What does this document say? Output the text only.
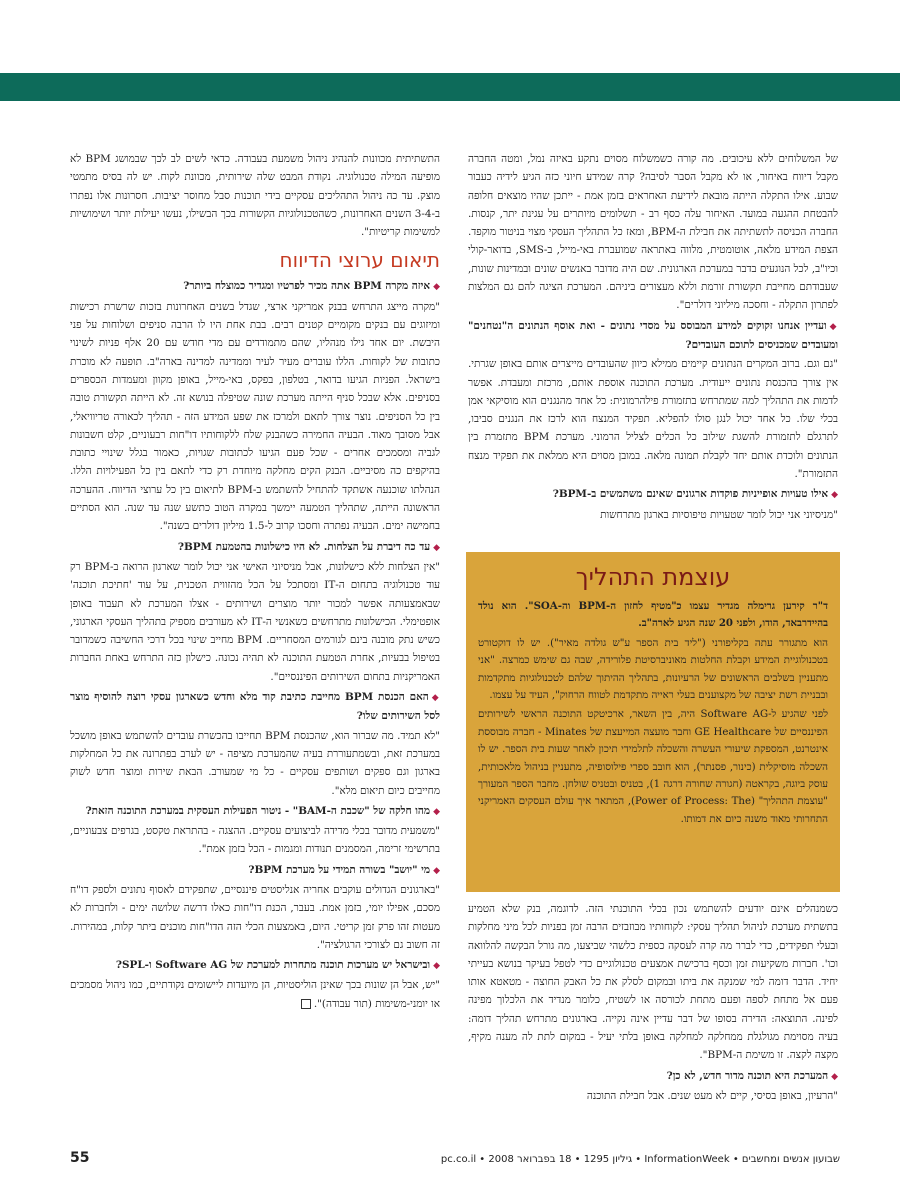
של המשלוחים ללא עיכובים. מה קורה כשמשלוח מסוים נתקע באיזה נמל, ומטה החברה מקבל דיווח באיחור, או לא מקבל הסבר לסיבה? קרה שמידע חיוני כזה הגיע לידיה כעבור שבוע. אילו התקלה הייתה מובאת לידיעת האחראים בזמן אמת - ייתכן שהיו מוצאים חלופה להבטחת ההגעה במועד. האיחור עלה כסף רב - תשלומים מיותרים על עגינת יתר, קנסות. החברה הכניסה לתשתיתה את חבילת ה-BPM, ומאז כל התהליך העסקי מצוי בניטור מוקפד. הצפת המידע מלאה, אוטומטית, מלווה באתראה שמועברת באי-מייל, ב-SMS, בדואר-קולי וכיו"ב, לכל הנוגעים בדבר במערכת הארגונית. שם היה מדובר באנשים שונים ובמדינות שונות, שעבודתם מחייבת תקשורת זורמת וללא מעצורים ביניהם. המערכת הציגה להם גם המלצות לפתרון התקלה - וחסכה מיליוני דולרים".

◆ועדיין אנחנו זקוקים למידע המבוסס על מסדי נתונים - ואת אוסף הנתונים ה"נטחנים" ומעובדים שמכניסים לתוכם העובדים?

"גם וגם. ברוב המקרים הנתונים קיימים ממילא כיוון שהעובדים מייצרים אותם באופן שגרתי. אין צורך בהכנסת נתונים ייעודית. מערכת התוכנה אוספת אותם, מרכזת ומעבדת. אפשר לדמות את התהליך למה שמתרחש בתזמורת פילהרמונית: כל אחד מהנגנים הוא מוסיקאי אמן בכלי שלו. כל אחד יכול לנגן סולו להפליא. תפקיד המנצח הוא לרכז את הנגנים סביבו, לתרגלם לתזמורת להשגת שילוב כל הכלים לצליל הרמוני. מערכת BPM מתזמרת בין הנתונים ולוכדת אותם יחד לקבלת תמונה מלאה. במובן מסוים היא ממלאת את תפקיד מנצח התזמורת".

◆אילו טעויות אופייניות פוקדות ארגונים שאינם משתמשים ב-BPM?

"מניסיוני אני יכול לומר שטעויות טיפוסיות בארגון מתרחשות

עוצמת התהליך

ד"ר קירען גרימלה מגדיר עצמו כ"מטיף לחזון ה-BPM וה-SOA". הוא נולד בהיידרבאד, הודו, ולפני 20 שנה הגיע לארה"ב.

הוא מתגורר עתה בקליפורני ("ליד בית הספר ע"ש גולדה מאיר"). יש לו דוקטורט בטכנולוגיית המידע וקבלת החלטות מאוניברסיטת פלורידה, שבה גם שימש כמרצה. "אני מתעניין בשלבים הראשונים של הרעיונות, בתהליך ההיתוך שלהם לטכנולוגיות מתקדמות ובבניית רשת יציבה של מקצוענים בעלי ראייה מתקדמת לטווח הרחוק", העיד על עצמו.

לפני שהגיע ל-Software AG היה, בין השאר, ארכיטקט התוכנה הראשי לשירותים הפיננסיים של GE Healthcare וחבר מועצה המייעצת של Minates - חברה מבוססת אינטרנט, המספקת שיעורי העשרה והשכלה לתלמידי תיכון לאחר שעות בית הספר. יש לו השכלה מוסיקלית (כינור, פסנתר), הוא חובב ספרי פילוסופיה, מתעניין בניהול מלאכותית, עוסק ביוגה, בקראטה (חגורה שחורה דרגה 1), בטניס ובטניס שולחן. מחבר הספר המעורך "עוצמת התהליך" (Power of Process: The), המתאר איך עולם העסקים האמריקני התחרותי מאוד משנה כיום את דמותו.

כשמנהלים אינם יודעים להשתמש נכון בכלי התוכנתי הזה. לדוגמה, בנק שלא הטמיע בתשתית מערכת לניהול תהליך עסקי: לקוחותיו מבוזבזים הרבה זמן בפניות לכל מיני מחלקות ובעלי תפקידים, כדי לברר מה קרה לעסקה כספית כלשהי שביצעו, מה גורל הבקשה להלוואה וכו'. חברות משקיעות זמן וכסף ברכישת אמצעים טכנולוגיים כדי לטפל בעיקר בנושא בעייתי יחיד. הדבר דומה למי שמנקה את ביתו ובמקום לסלק את כל האבק החוצה - מטאטא אותו פעם אל מתחת לספה ופעם מתחת לכורסה או לשטיח, כלומר מנדיד את הלכלוך מפינה לפינה. התוצאה: הדירה בסופו של דבר עדיין אינה נקייה. בארגונים מתרחש תהליך דומה: בעיה מסוימת מגולגלת ממחלקה למחלקה באופן בלתי יעיל - במקום לתת לה מענה מקיף, מקצה לקצה. זו משימת ה-BPM".

◆המערכת היא תוכנה מדור חדש, לא כן?

"הרעיון, באופן בסיסי, קיים לא מעט שנים. אבל חבילת התוכנה

התשתיתית מכוונות להנהיג ניהול משמעת בעבודה. כדאי לשים לב לכך שבמושג BPM לא מופיעה המילה טכנולוגיה. נקודת המבט שלה שירותית, מכוונת לקוח. יש לה בסיס מתמטי מוצק. עד כה ניהול התהליכים עסקיים בידי תוכנות סבל מחוסר יציבות. חסרונות אלו נפתרו ב-3-4 השנים האחרונות, כשהטכנולוגיות הקשורות בכך הבשילו, נעשו יעילות יותר ושימושיות למשימות קריטיות".

תיאום ערוצי הדיווח

◆איזה מקרה BPM אתה מכיר לפרטיו ומגדיר כמוצלח ביותר?

"מקרה מייצג התרחש בבנק אמריקני ארצי, שגדל בשנים האחרונות בזכות שרשרת רכישות ומיזוגים עם בנקים מקומיים קטנים רבים. בבת אחת היו לו הרבה סניפים ושלוחות על פני היבשת. יום אחד גילו מנהליו, שהם מתמודדים עם מדי חודש עם 20 אלף פניות לשינוי כתובות של לקוחות. הללו עוברים מעיר לעיר וממדינה למדינה בארה"ב. תופעה לא מוכרת בישראל. הפניות הגיעו בדואר, בטלפון, בפקס, באי-מייל, באופן מקוון ומעמדות הכספרים בסניפים. אלא שבכל סניף הייתה מערכת שונה שטיפלה בנושא זה. לא הייתה תקשורת טובה בין כל הסניפים. נוצר צורך לתאם ולמרכז את שפע המידע הזה - תהליך לכאורה טריוויאלי, אבל מסובך מאוד. הבעיה החמירה כשהבנק שלח ללקוחותיו דו"חות רבעוניים, קלט חשבונות לגביה ומסמכים אחרים - שכל פעם הגיעו לכתובות שגויות, כאמור בגלל שינויי כתובת בהיקפים כה מסיביים. הבנק הקים מחלקה מיוחדת רק כדי לתאם בין כל הפעילויות הללו. הנהלתו שוכנעה אשתקד להתחיל להשתמש ב-BPM לתיאום בין כל ערוצי הדיווח. ההערכה הראשונה הייתה, שתהליך הטמעה יימשך במקרה הטוב כתשע שנה עד שנה. הוא הסתיים בחמישה ימים. הבעיה נפתרה וחסכו קרוב ל-1.5 מיליון דולרים בשנה".

◆עד כה דיברת על הצלחות. לא היו כישלונות בהטמעת BPM?

"אין הצלחות ללא כישלונות, אבל מניסיוני האישי אני יכול לומר שארגון הרואה ב-BPM רק עוד טכנולוגיה בתחום ה-IT ומסתכל על הכל מהזווית הטכנית, על עוד 'חתיכת תוכנה' שבאמצעותה אפשר למכור יותר מוצרים ושירותים - אצלו המערכת לא תעבוד באופן אופטימלי. הכישלונות מתרחשים כשאנשי ה-IT לא מעורבים מספיק בתהליך העסקי הארגוני, כשיש נתק מובנה בינם לגורמים המסחריים. BPM מחייב שינוי בכל דרכי החשיבה כשמדובר בטיפול בבעיות, אחרת הטמעת התוכנה לא תהיה נכונה. כישלון כזה התרחש באחת החברות האמריקניות בתחום השירותים הפיננסיים".

◆האם הכנסת BPM מחייבת כתיבת קוד מלא וחדש כשארגון עסקי רוצה להוסיף מוצר לסל השירותים שלו?

"לא תמיד. מה שברור הוא, שהכנסת BPM תחייבו בהכשרת עובדים להשתמש באופן מושכל במערכת זאת, ובשמתעוררת בעיה שהמערכת מציפה - יש לערב בפתרונה את כל המחלקות בארגון וגם ספקים ושותפים עסקיים - כל מי שמעורב. הבאת שירות ומוצר חדש לשוק מחייבים כיום תיאום מלא".

◆מהו חלקה של "שכבת ה-BAM" - ניטור הפעילות העסקית במערכת התוכנה הזאת?

"משמעית מדובר בכלי מדידה לביצועים עסקיים. ההצגה - בהתראת טקסט, בגרפים צבעוניים, בתרשימי זרימה, המסמנים תנודות ומגמות - הכל בזמן אמת".

◆מי "יושב" בשורה תמידי על מערכת BPM?

"בארגונים הגדולים עוקבים אחריה אנליסטים פיננסיים, שתפקידם לאסוף נתונים ולספק דו"ח מסכם, אפילו יומי, בזמן אמת. בעבר, הכנת דו"חות כאלו דרשה שלושה ימים - ולחברות לא מעטות זהו פרק זמן קריטי. היום, באמצעות הכלי הזה הדו"חות מוכנים ביתר קלות, במהירות. זה חשוב גם לצורכי הרגולציה".

◆ובישראל יש מערכות תוכנה מתחרות למערכת של Software AG ו-SPL?

"יש, אבל הן שונות בכך שאינן הוליסטיות, הן מיועדות ליישומים נקודתיים, כמו ניהול מסמכים או יומני-משימות (תור עבודה)".

שבועון אנשים ומחשבים • InformationWeek • גיליון 1295 • 18 בפברואר 2008 • pc.co.il
55
